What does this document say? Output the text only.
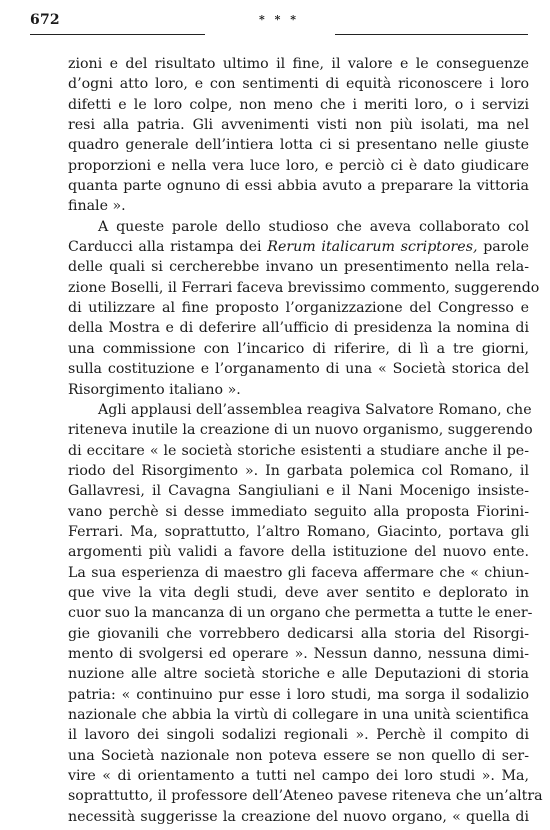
672	* * *
zioni e del risultato ultimo il fine, il valore e le conseguenze
d’ogni atto loro, e con sentimenti di equità riconoscere i loro
difetti e le loro colpe, non meno che i meriti loro, o i servizi
resi alla patria. Gli avvenimenti visti non più isolati, ma nel
quadro generale dell’intiera lotta ci si presentano nelle giuste
proporzioni e nella vera luce loro, e perciò ci è dato giudicare
quanta parte ognuno di essi abbia avuto a preparare la vittoria
finale ».
A queste parole dello studioso che aveva collaborato col
Carducci alla ristampa dei Rerum italicarum scriptores, parole
delle quali si cercherebbe invano un presentimento nella rela-
zione Boselli, il Ferrari faceva brevissimo commento, suggerendo
di utilizzare al fine proposto l’organizzazione del Congresso e
della Mostra e di deferire all’ufficio di presidenza la nomina di
una commissione con l’incarico di riferire, di lì a tre giorni,
sulla costituzione e l’organamento di una « Società storica del
Risorgimento italiano ».
Agli applausi dell’assemblea reagiva Salvatore Romano, che
riteneva inutile la creazione di un nuovo organismo, suggerendo
di eccitare « le società storiche esistenti a studiare anche il pe-
riodo del Risorgimento ». In garbata polemica col Romano, il
Gallavresi, il Cavagna Sangiuliani e il Nani Mocenigo insiste-
vano perchè si desse immediato seguito alla proposta Fiorini-
Ferrari. Ma, soprattutto, l’altro Romano, Giacinto, portava gli
argomenti più validi a favore della istituzione del nuovo ente.
La sua esperienza di maestro gli faceva affermare che « chiun-
que vive la vita degli studi, deve aver sentito e deplorato in
cuor suo la mancanza di un organo che permetta a tutte le ener-
gie giovanili che vorrebbero dedicarsi alla storia del Risorgi-
mento di svolgersi ed operare ». Nessun danno, nessuna dimi-
nuzione alle altre società storiche e alle Deputazioni di storia
patria: « continuino pur esse i loro studi, ma sorga il sodalizio
nazionale che abbia la virtù di collegare in una unità scientifica
il lavoro dei singoli sodalizi regionali ». Perchè il compito di
una Società nazionale non poteva essere se non quello di ser-
vire « di orientamento a tutti nel campo dei loro studi ». Ma,
soprattutto, il professore dell’Ateneo pavese riteneva che un’altra
necessità suggerisse la creazione del nuovo organo, « quella di
